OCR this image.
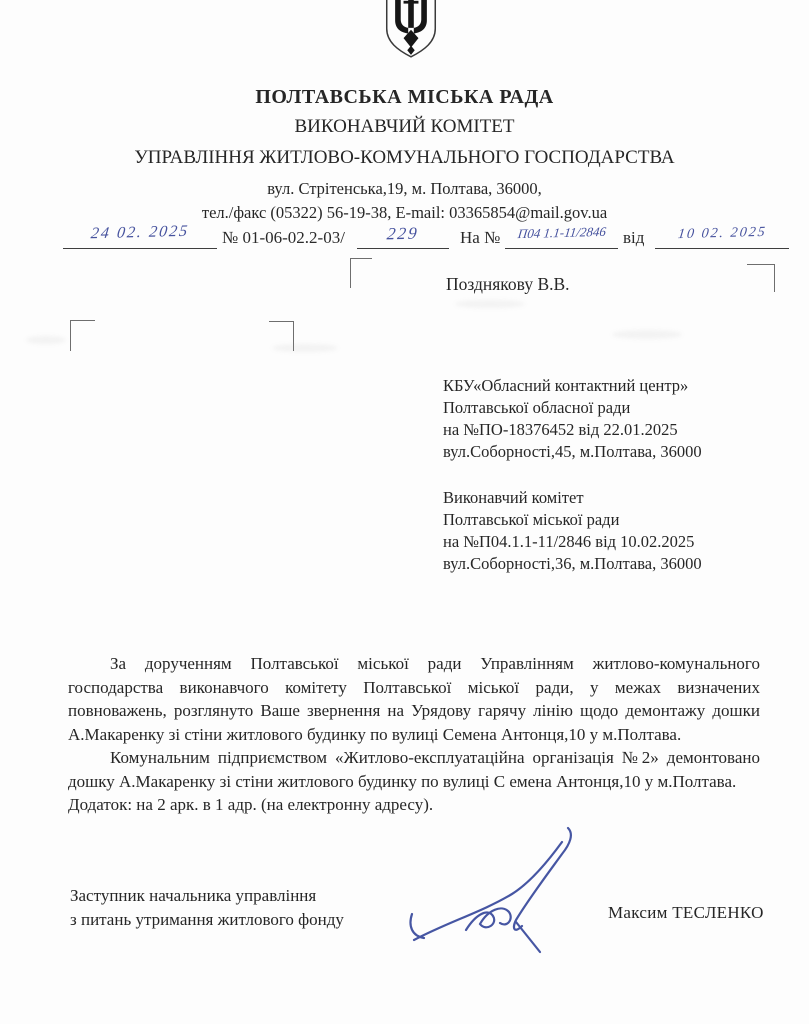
ПОЛТАВСЬКА МІСЬКА РАДА
ВИКОНАВЧИЙ КОМІТЕТ
УПРАВЛІННЯ ЖИТЛОВО-КОМУНАЛЬНОГО ГОСПОДАРСТВА
вул. Стрітенська,19, м. Полтава, 36000,
тел./факс (05322) 56-19-38, E-mail: 03365854@mail.gov.ua
24 02. 2025	№ 01-06-02.2-03/	229	На №	П04 1.1-11/2846 від	10 02. 2025
Позднякову В.В.
КБУ«Обласний контактний центр»
Полтавської обласної ради
на №ПО-18376452 від 22.01.2025
вул.Соборності,45, м.Полтава, 36000
Виконавчий комітет
Полтавської міської ради
на №П04.1.1-11/2846 від 10.02.2025
вул.Соборності,36, м.Полтава, 36000

За дорученням Полтавської міської ради Управлінням житлово-комунального господарства виконавчого комітету Полтавської міської ради, у межах визначених повноважень, розглянуто Ваше звернення на Урядову гарячу лінію щодо демонтажу дошки А.Макаренку зі стіни житлового будинку по вулиці Семена Антонця,10 у м.Полтава.

Комунальним підприємством «Житлово-експлуатаційна організація №2» демонтовано дошку А.Макаренку зі стіни житлового будинку по вулиці С емена Антонця,10 у м.Полтава.

Додаток: на 2 арк. в 1 адр. (на електронну адресу).

Заступник начальника управління
з питань утримання житлового фонду	Максим ТЕСЛЕНКО
